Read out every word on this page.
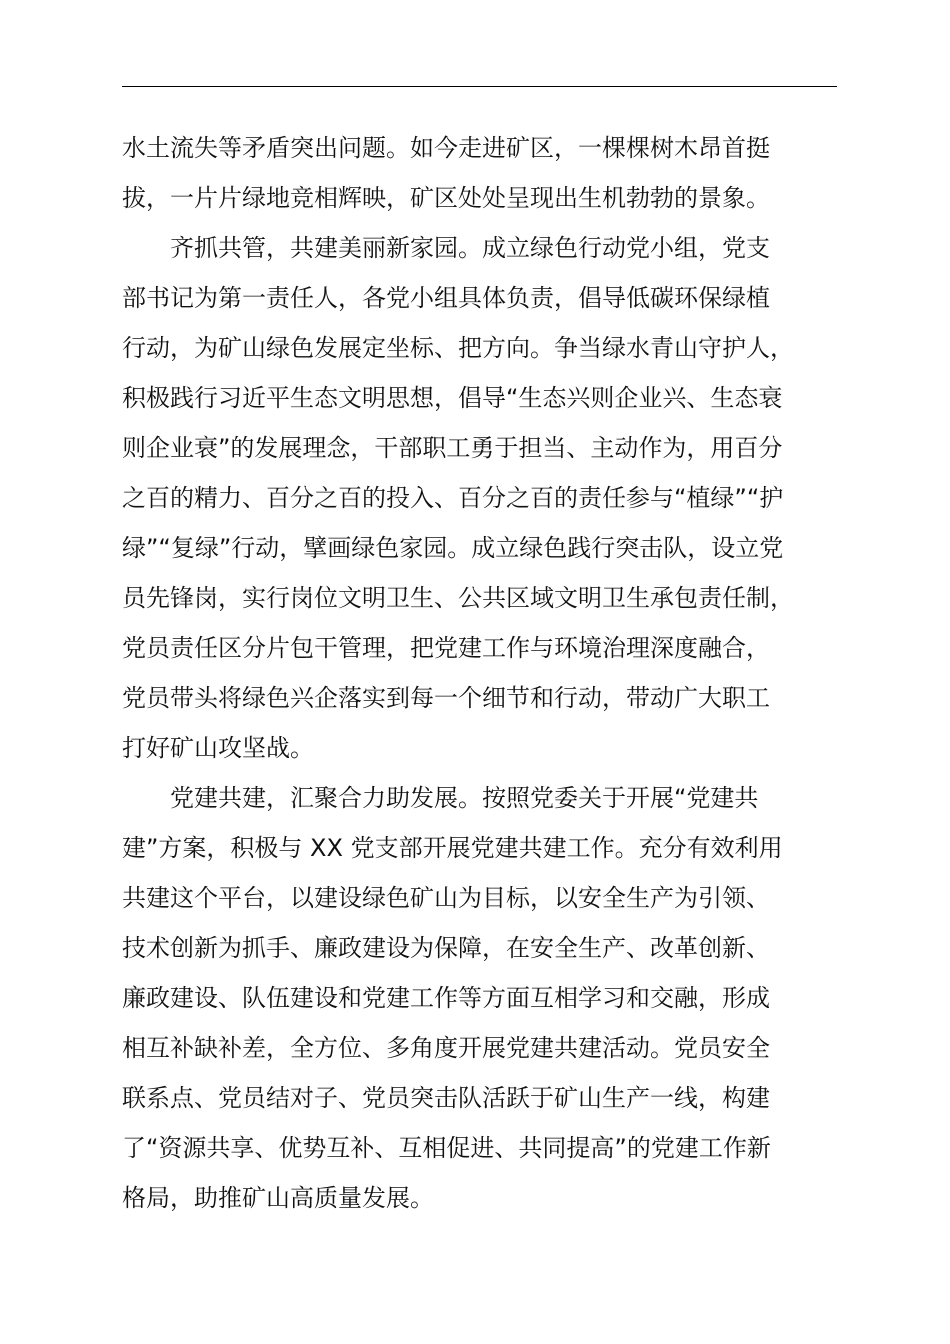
水土流失等矛盾突出问题。如今走进矿区，一棵棵树木昂首挺
拔，一片片绿地竞相辉映，矿区处处呈现出生机勃勃的景象。
齐抓共管，共建美丽新家园。成立绿色行动党小组，党支
部书记为第一责任人，各党小组具体负责，倡导低碳环保绿植
行动，为矿山绿色发展定坐标、把方向。争当绿水青山守护人，
积极践行习近平生态文明思想，倡导“生态兴则企业兴、生态衰
则企业衰”的发展理念，干部职工勇于担当、主动作为，用百分
之百的精力、百分之百的投入、百分之百的责任参与“植绿”“护
绿”“复绿”行动，擘画绿色家园。成立绿色践行突击队，设立党
员先锋岗，实行岗位文明卫生、公共区域文明卫生承包责任制，
党员责任区分片包干管理，把党建工作与环境治理深度融合，
党员带头将绿色兴企落实到每一个细节和行动，带动广大职工
打好矿山攻坚战。
党建共建，汇聚合力助发展。按照党委关于开展“党建共
建”方案，积极与 XX 党支部开展党建共建工作。充分有效利用
共建这个平台，以建设绿色矿山为目标，以安全生产为引领、
技术创新为抓手、廉政建设为保障，在安全生产、改革创新、
廉政建设、队伍建设和党建工作等方面互相学习和交融，形成
相互补缺补差，全方位、多角度开展党建共建活动。党员安全
联系点、党员结对子、党员突击队活跃于矿山生产一线，构建
了“资源共享、优势互补、互相促进、共同提高”的党建工作新
格局，助推矿山高质量发展。
